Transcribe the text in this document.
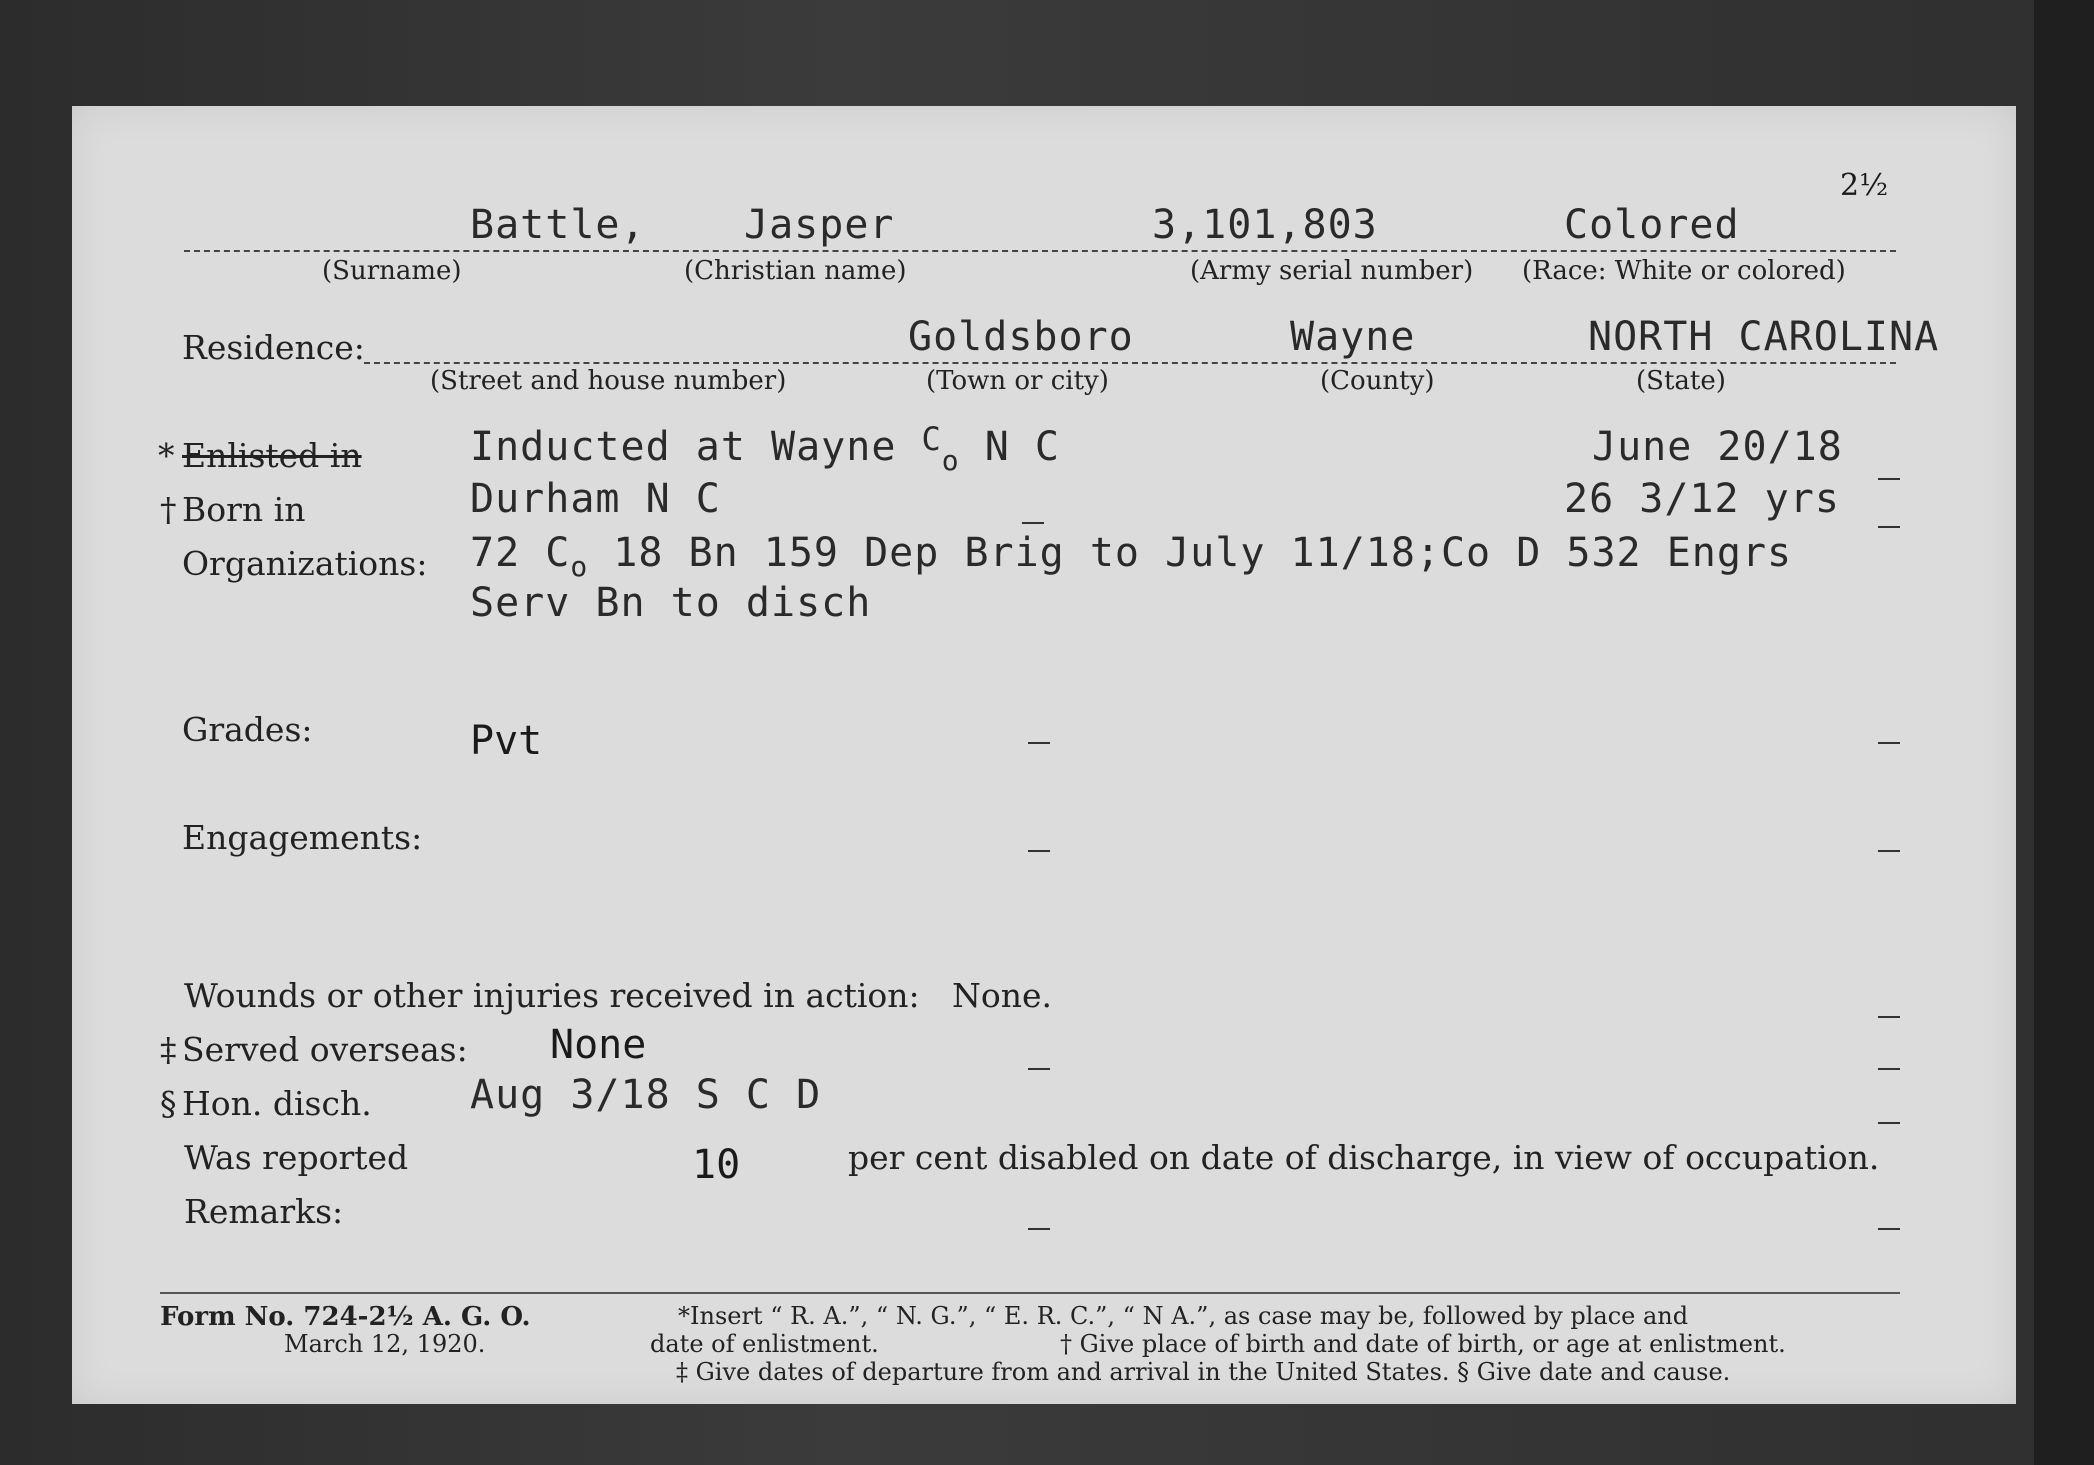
2½
Battle, Jasper	3,101,803	Colored
(Surname)	(Christian name)	(Army serial number) (Race: White or colored)
Residence:	Goldsboro	Wayne	NORTH CAROLINA
(Street and house number)	(Town or city)	(County)	(State)
* Enlisted in	Inducted at Wayne $^C_o$ N C	June 20/18
† Born in	Durham N C	26 3/12 yrs
Organizations: 72 $C_o$ 18 Bn 159 Dep Brig to July 11/18;Co D 532 Engrs
Serv Bn to disch
Grades:	Pvt
Engagements:
Wounds or other injuries received in action: None.
‡ Served overseas: None
§ Hon. disch. Aug 3/18 S C D
Was reported	10	per cent disabled on date of discharge, in view of occupation.
Remarks:
Form No. 724-2½ A. G. O.
March 12, 1920.
*Insert “ R. A.”, “ N. G.”, “ E. R. C.”, “ N A.”, as case may be, followed by place and
date of enlistment.	† Give place of birth and date of birth, or age at enlistment.
‡ Give dates of departure from and arrival in the United States. § Give date and cause.
